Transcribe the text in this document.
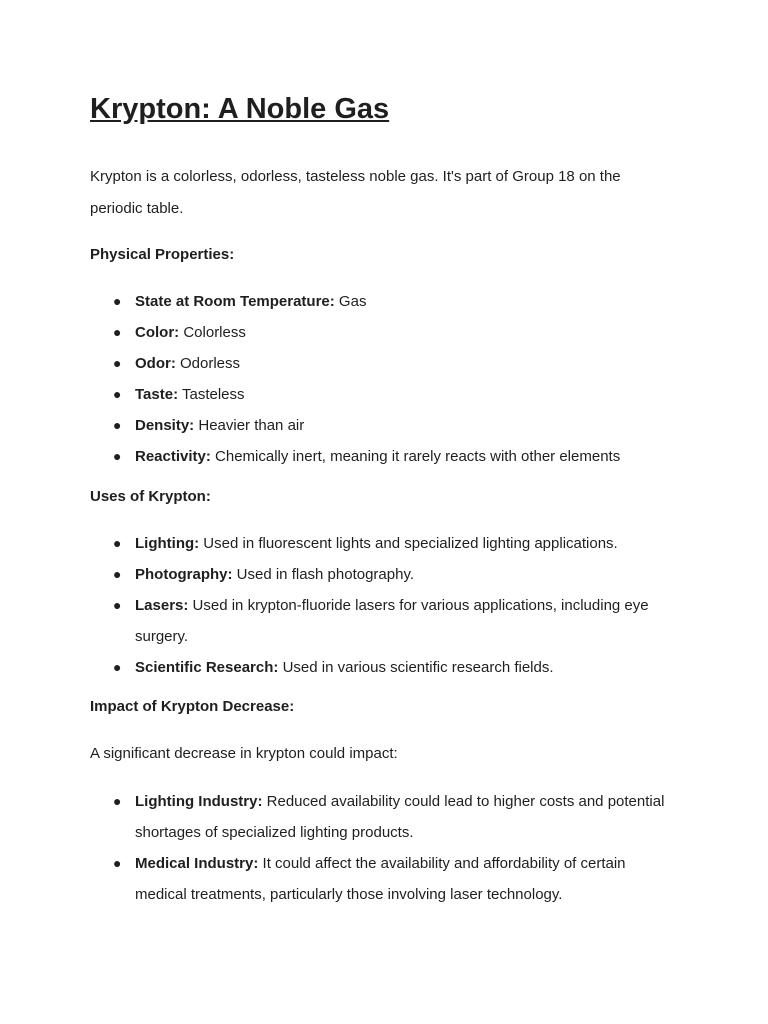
Krypton: A Noble Gas

Krypton is a colorless, odorless, tasteless noble gas. It's part of Group 18 on the periodic table.

Physical Properties:

● State at Room Temperature: Gas
● Color: Colorless
● Odor: Odorless
● Taste: Tasteless
● Density: Heavier than air
● Reactivity: Chemically inert, meaning it rarely reacts with other elements

Uses of Krypton:

● Lighting: Used in fluorescent lights and specialized lighting applications.
● Photography: Used in flash photography.
● Lasers: Used in krypton-fluoride lasers for various applications, including eye surgery.
● Scientific Research: Used in various scientific research fields.

Impact of Krypton Decrease:

A significant decrease in krypton could impact:

● Lighting Industry: Reduced availability could lead to higher costs and potential shortages of specialized lighting products.
● Medical Industry: It could affect the availability and affordability of certain medical treatments, particularly those involving laser technology.
